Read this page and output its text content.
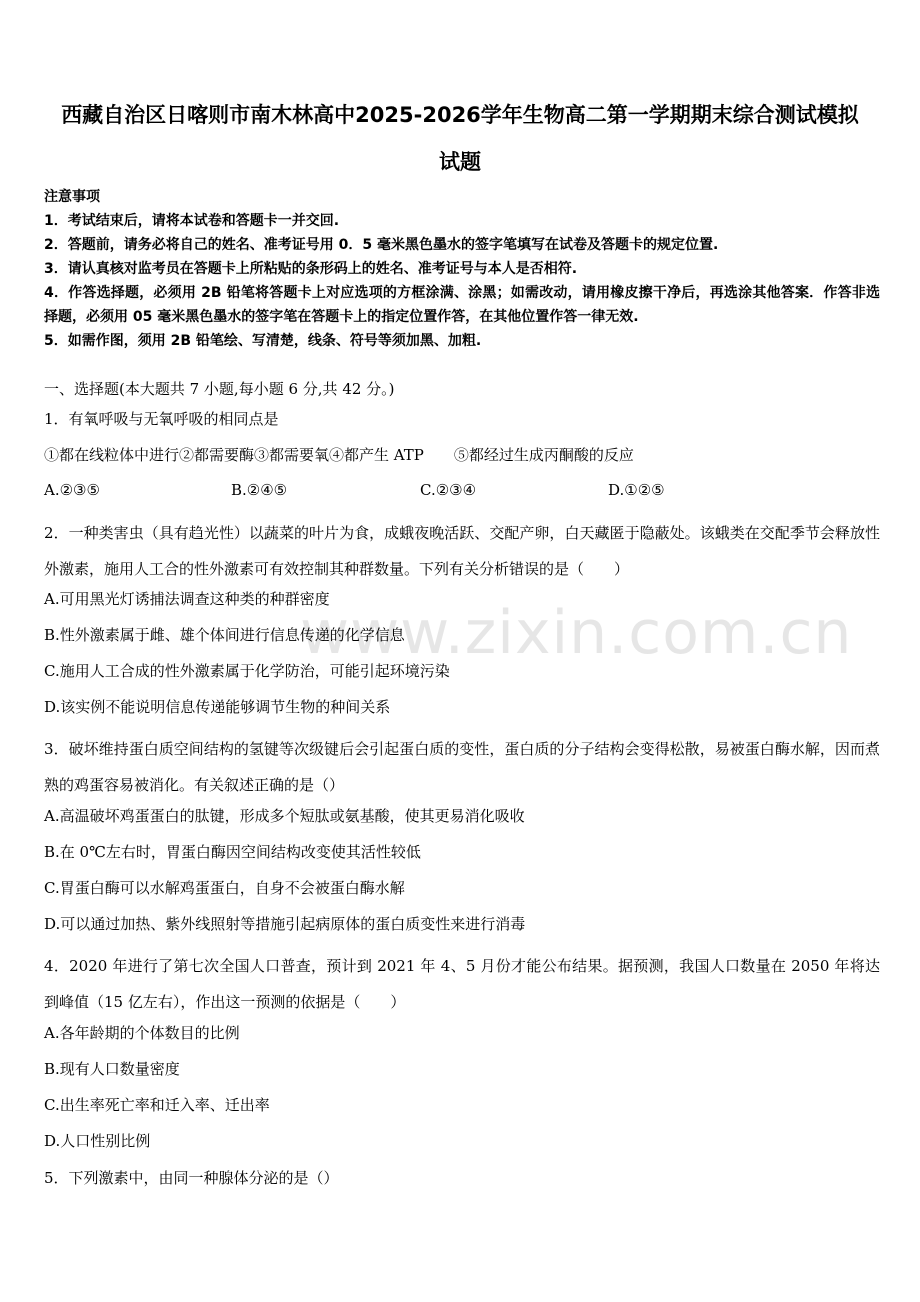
www.zixin.com.cn
西藏自治区日喀则市南木林高中2025-2026学年生物高二第一学期期末综合测试模拟
试题
注意事项
1．考试结束后，请将本试卷和答题卡一并交回.
2．答题前，请务必将自己的姓名、准考证号用 0．5 毫米黑色墨水的签字笔填写在试卷及答题卡的规定位置.
3．请认真核对监考员在答题卡上所粘贴的条形码上的姓名、准考证号与本人是否相符.
4．作答选择题，必须用 2B 铅笔将答题卡上对应选项的方框涂满、涂黑；如需改动，请用橡皮擦干净后，再选涂其他答案．作答非选择题，必须用 05 毫米黑色墨水的签字笔在答题卡上的指定位置作答，在其他位置作答一律无效.
5．如需作图，须用 2B 铅笔绘、写清楚，线条、符号等须加黑、加粗.
一、选择题(本大题共 7 小题,每小题 6 分,共 42 分。)
1．有氧呼吸与无氧呼吸的相同点是
①都在线粒体中进行②都需要酶③都需要氧④都产生 ATP　　⑤都经过生成丙酮酸的反应
A.②③⑤	B.②④⑤	C.②③④	D.①②⑤
2．一种类害虫（具有趋光性）以蔬菜的叶片为食，成蛾夜晚活跃、交配产卵，白天藏匿于隐蔽处。该蛾类在交配季节会释放性外激素，施用人工合的性外激素可有效控制其种群数量。下列有关分析错误的是（　　）
A.可用黑光灯诱捕法调查这种类的种群密度
B.性外激素属于雌、雄个体间进行信息传递的化学信息
C.施用人工合成的性外激素属于化学防治，可能引起环境污染
D.该实例不能说明信息传递能够调节生物的种间关系
3．破坏维持蛋白质空间结构的氢键等次级键后会引起蛋白质的变性，蛋白质的分子结构会变得松散，易被蛋白酶水解，因而煮熟的鸡蛋容易被消化。有关叙述正确的是（）
A.高温破坏鸡蛋蛋白的肽键，形成多个短肽或氨基酸，使其更易消化吸收
B.在 0℃左右时，胃蛋白酶因空间结构改变使其活性较低
C.胃蛋白酶可以水解鸡蛋蛋白，自身不会被蛋白酶水解
D.可以通过加热、紫外线照射等措施引起病原体的蛋白质变性来进行消毒
4．2020 年进行了第七次全国人口普查，预计到 2021 年 4、5 月份才能公布结果。据预测，我国人口数量在 2050 年将达到峰值（15 亿左右），作出这一预测的依据是（　　）
A.各年龄期的个体数目的比例
B.现有人口数量密度
C.出生率死亡率和迁入率、迁出率
D.人口性别比例
5．下列激素中，由同一种腺体分泌的是（）
